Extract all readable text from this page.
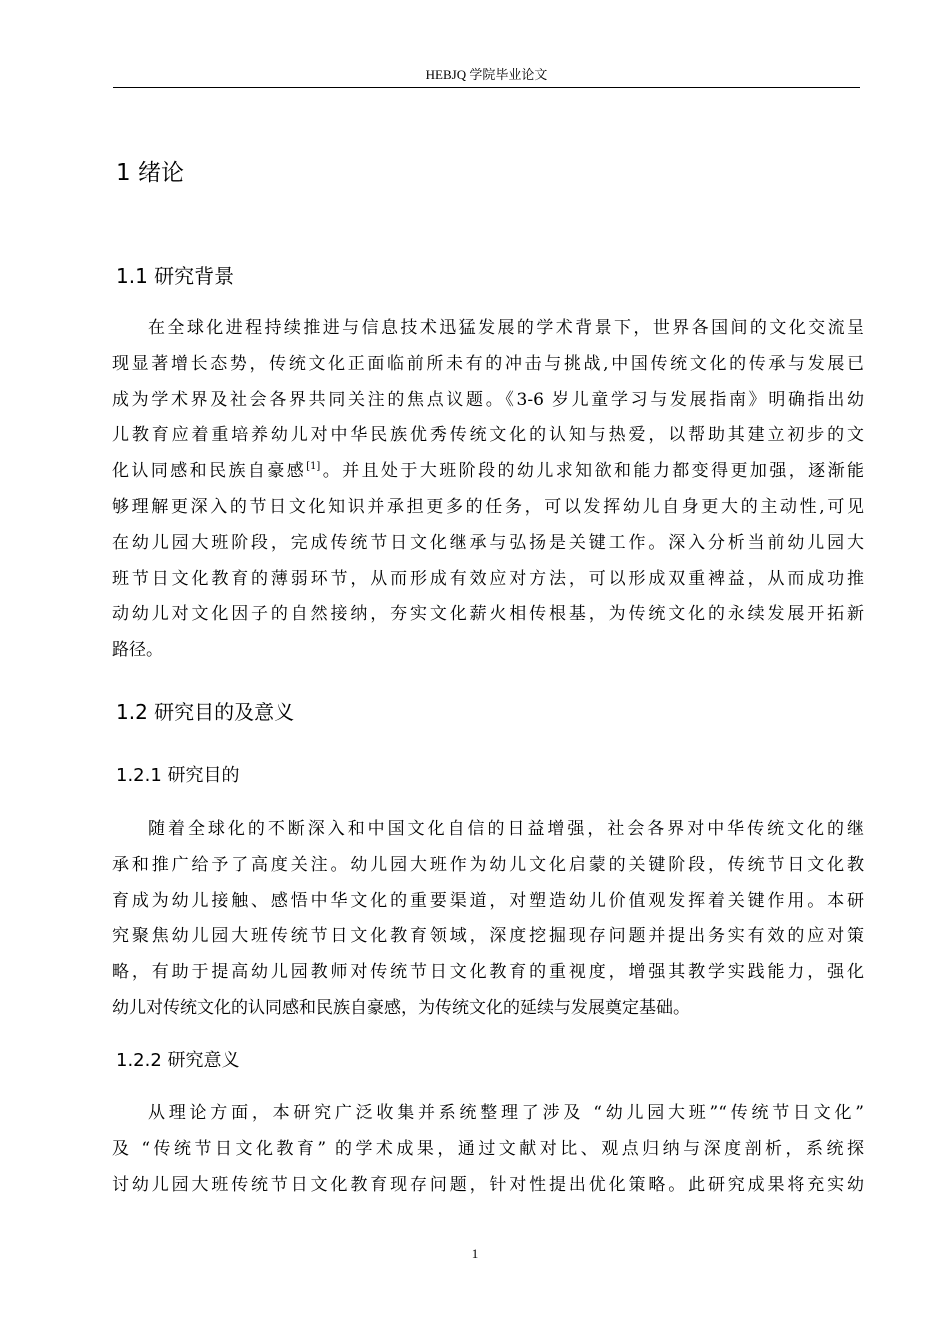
HEBJQ 学院毕业论文
1 绪论
1.1 研究背景
在全球化进程持续推进与信息技术迅猛发展的学术背景下，世界各国间的文化交流呈
现显著增长态势，传统文化正面临前所未有的冲击与挑战,中国传统文化的传承与发展已
成为学术界及社会各界共同关注的焦点议题。《3-6 岁儿童学习与发展指南》明确指出幼
儿教育应着重培养幼儿对中华民族优秀传统文化的认知与热爱，以帮助其建立初步的文
化认同感和民族自豪感[1]。并且处于大班阶段的幼儿求知欲和能力都变得更加强，逐渐能
够理解更深入的节日文化知识并承担更多的任务，可以发挥幼儿自身更大的主动性,可见
在幼儿园大班阶段，完成传统节日文化继承与弘扬是关键工作。深入分析当前幼儿园大
班节日文化教育的薄弱环节，从而形成有效应对方法，可以形成双重裨益，从而成功推
动幼儿对文化因子的自然接纳，夯实文化薪火相传根基，为传统文化的永续发展开拓新
路径。
1.2 研究目的及意义
1.2.1 研究目的
随着全球化的不断深入和中国文化自信的日益增强，社会各界对中华传统文化的继
承和推广给予了高度关注。幼儿园大班作为幼儿文化启蒙的关键阶段，传统节日文化教
育成为幼儿接触、感悟中华文化的重要渠道，对塑造幼儿价值观发挥着关键作用。本研
究聚焦幼儿园大班传统节日文化教育领域，深度挖掘现存问题并提出务实有效的应对策
略，有助于提高幼儿园教师对传统节日文化教育的重视度，增强其教学实践能力，强化
幼儿对传统文化的认同感和民族自豪感，为传统文化的延续与发展奠定基础。
1.2.2 研究意义
从理论方面，本研究广泛收集并系统整理了涉及 “幼儿园大班”“传统节日文化”
及 “传统节日文化教育” 的学术成果，通过文献对比、观点归纳与深度剖析，系统探
讨幼儿园大班传统节日文化教育现存问题，针对性提出优化策略。此研究成果将充实幼
1
